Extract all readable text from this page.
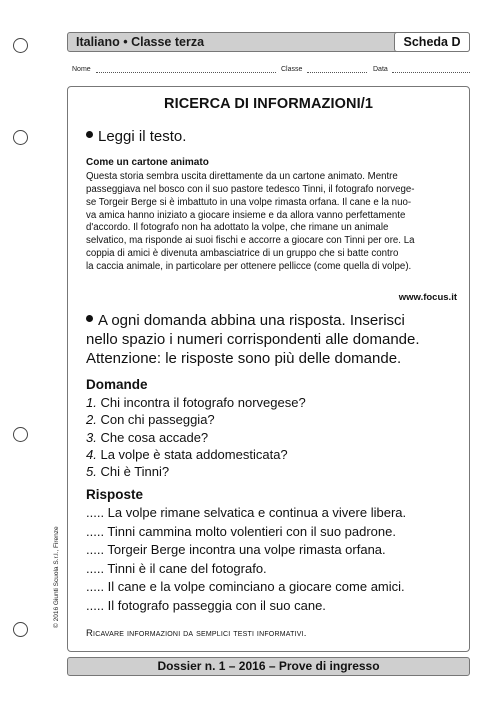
Italiano • Classe terza	Scheda D
Nome	Classe	Data
RICERCA DI INFORMAZIONI/1
Leggi il testo.
Come un cartone animato
Questa storia sembra uscita direttamente da un cartone animato. Mentre
passeggiava nel bosco con il suo pastore tedesco Tinni, il fotografo norvege-
se Torgeir Berge si è imbattuto in una volpe rimasta orfana. Il cane e la nuo-
va amica hanno iniziato a giocare insieme e da allora vanno perfettamente
d'accordo. Il fotografo non ha adottato la volpe, che rimane un animale
selvatico, ma risponde ai suoi fischi e accorre a giocare con Tinni per ore. La
coppia di amici è divenuta ambasciatrice di un gruppo che si batte contro
la caccia animale, in particolare per ottenere pellicce (come quella di volpe).
www.focus.it
A ogni domanda abbina una risposta. Inserisci
nello spazio i numeri corrispondenti alle domande.
Attenzione: le risposte sono più delle domande.
Domande
1. Chi incontra il fotografo norvegese?
2. Con chi passeggia?
3. Che cosa accade?
4. La volpe è stata addomesticata?
5. Chi è Tinni?
Risposte
..... La volpe rimane selvatica e continua a vivere libera.
..... Tinni cammina molto volentieri con il suo padrone.
..... Torgeir Berge incontra una volpe rimasta orfana.
..... Tinni è il cane del fotografo.
..... Il cane e la volpe cominciano a giocare come amici.
..... Il fotografo passeggia con il suo cane.
Ricavare informazioni da semplici testi informativi.
© 2016 Giunti Scuola S.r.l., Firenze
Dossier n. 1 – 2016 – Prove di ingresso
